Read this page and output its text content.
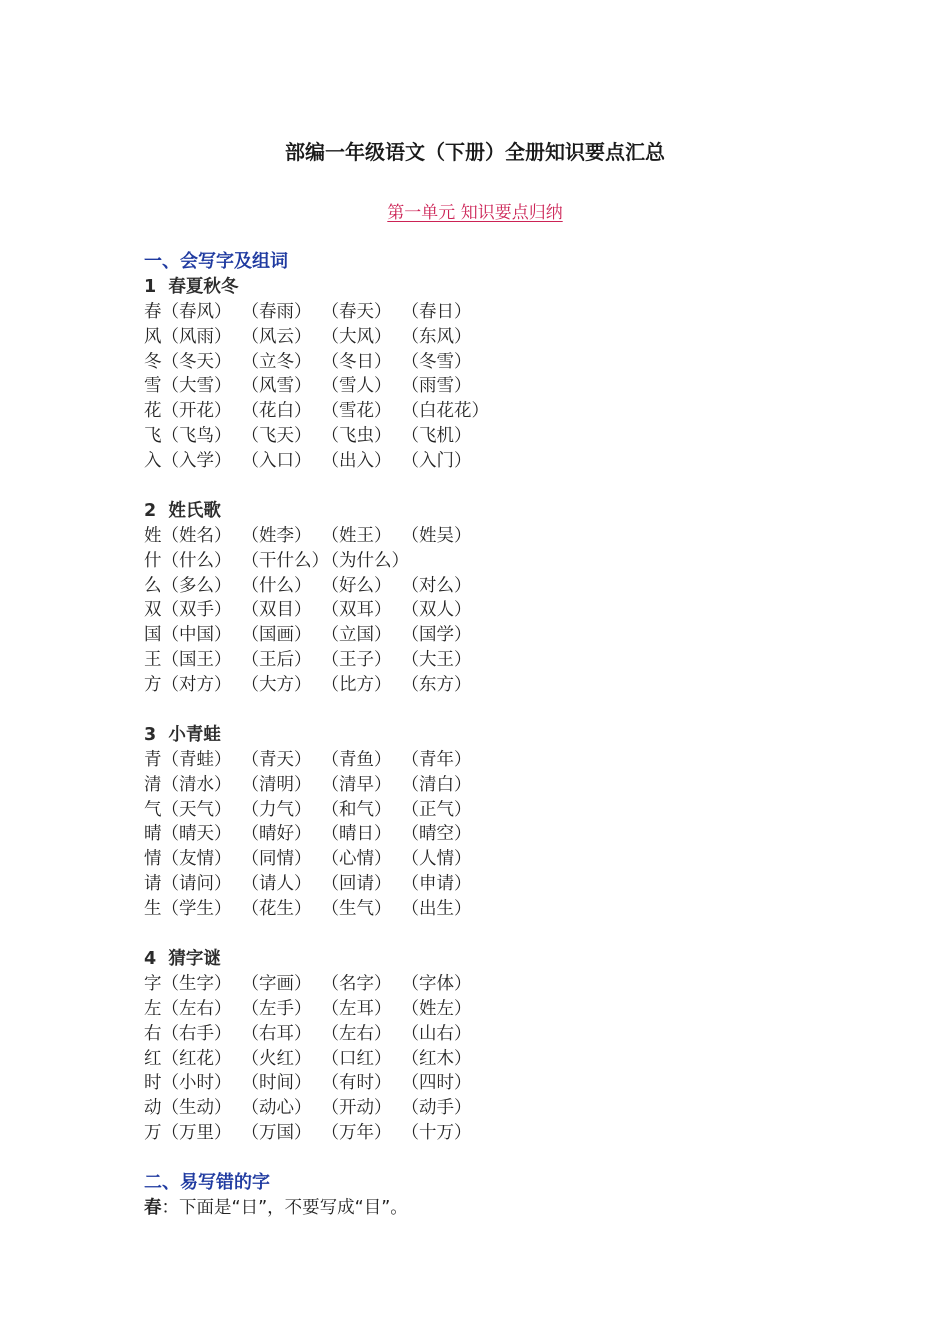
部编一年级语文（下册）全册知识要点汇总
第一单元 知识要点归纳
一、会写字及组词
1  春夏秋冬
春（春风） （春雨） （春天） （春日）
风（风雨） （风云） （大风） （东风）
冬（冬天） （立冬） （冬日） （冬雪）
雪（大雪） （风雪） （雪人） （雨雪）
花（开花） （花白） （雪花） （白花花）
飞（飞鸟） （飞天） （飞虫） （飞机）
入（入学） （入口） （出入） （入门）
2  姓氏歌
姓（姓名） （姓李） （姓王） （姓吴）
什（什么） （干什么）（为什么）
么（多么） （什么） （好么） （对么）
双（双手） （双目） （双耳） （双人）
国（中国） （国画） （立国） （国学）
王（国王） （王后） （王子） （大王）
方（对方） （大方） （比方） （东方）
3  小青蛙
青（青蛙） （青天） （青鱼） （青年）
清（清水） （清明） （清早） （清白）
气（天气） （力气） （和气） （正气）
晴（晴天） （晴好） （晴日） （晴空）
情（友情） （同情） （心情） （人情）
请（请问） （请人） （回请） （申请）
生（学生） （花生） （生气） （出生）
4  猜字谜
字（生字） （字画） （名字） （字体）
左（左右） （左手） （左耳） （姓左）
右（右手） （右耳） （左右） （山右）
红（红花） （火红） （口红） （红木）
时（小时） （时间） （有时） （四时）
动（生动） （动心） （开动） （动手）
万（万里） （万国） （万年） （十万）
二、易写错的字
春：下面是“日”，不要写成“目”。
